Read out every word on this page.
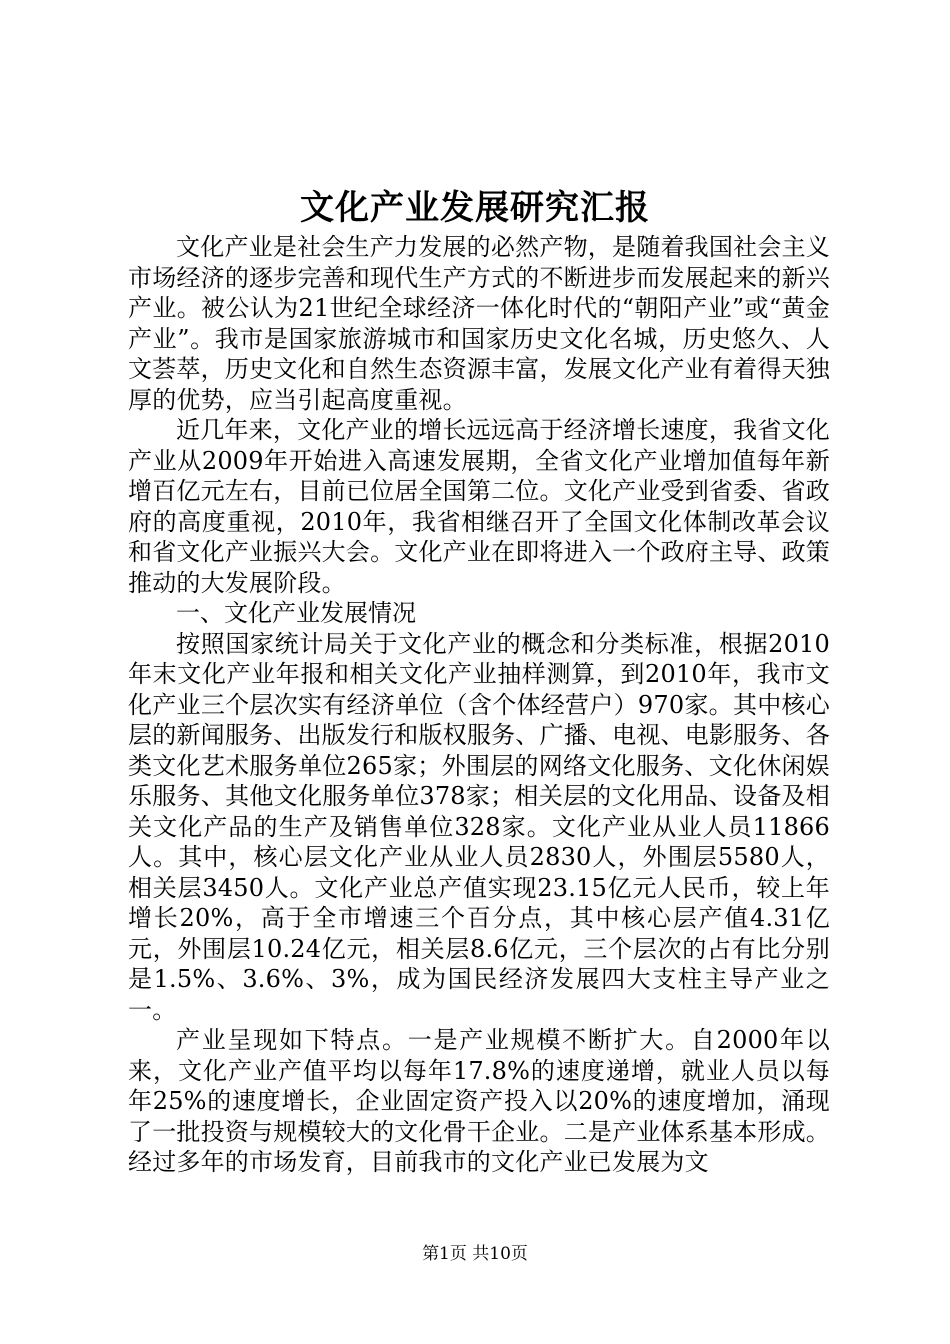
文化产业发展研究汇报

文化产业是社会生产力发展的必然产物，是随着我国社会主义市场经济的逐步完善和现代生产方式的不断进步而发展起来的新兴产业。被公认为21世纪全球经济一体化时代的“朝阳产业”或“黄金产业”。我市是国家旅游城市和国家历史文化名城，历史悠久、人文荟萃，历史文化和自然生态资源丰富，发展文化产业有着得天独厚的优势，应当引起高度重视。

近几年来，文化产业的增长远远高于经济增长速度，我省文化产业从2009年开始进入高速发展期，全省文化产业增加值每年新增百亿元左右，目前已位居全国第二位。文化产业受到省委、省政府的高度重视，2010年，我省相继召开了全国文化体制改革会议和省文化产业振兴大会。文化产业在即将进入一个政府主导、政策推动的大发展阶段。

一、文化产业发展情况

按照国家统计局关于文化产业的概念和分类标准，根据2010年末文化产业年报和相关文化产业抽样测算，到2010年，我市文化产业三个层次实有经济单位（含个体经营户）970家。其中核心层的新闻服务、出版发行和版权服务、广播、电视、电影服务、各类文化艺术服务单位265家；外围层的网络文化服务、文化休闲娱乐服务、其他文化服务单位378家；相关层的文化用品、设备及相关文化产品的生产及销售单位328家。文化产业从业人员11866人。其中，核心层文化产业从业人员2830人，外围层5580人，相关层3450人。文化产业总产值实现23.15亿元人民币，较上年增长20%，高于全市增速三个百分点，其中核心层产值4.31亿元，外围层10.24亿元，相关层8.6亿元，三个层次的占有比分别是1.5%、3.6%、3%，成为国民经济发展四大支柱主导产业之一。

产业呈现如下特点。一是产业规模不断扩大。自2000年以来，文化产业产值平均以每年17.8%的速度递增，就业人员以每年25%的速度增长，企业固定资产投入以20%的速度增加，涌现了一批投资与规模较大的文化骨干企业。二是产业体系基本形成。经过多年的市场发育，目前我市的文化产业已发展为文

第1页 共10页
